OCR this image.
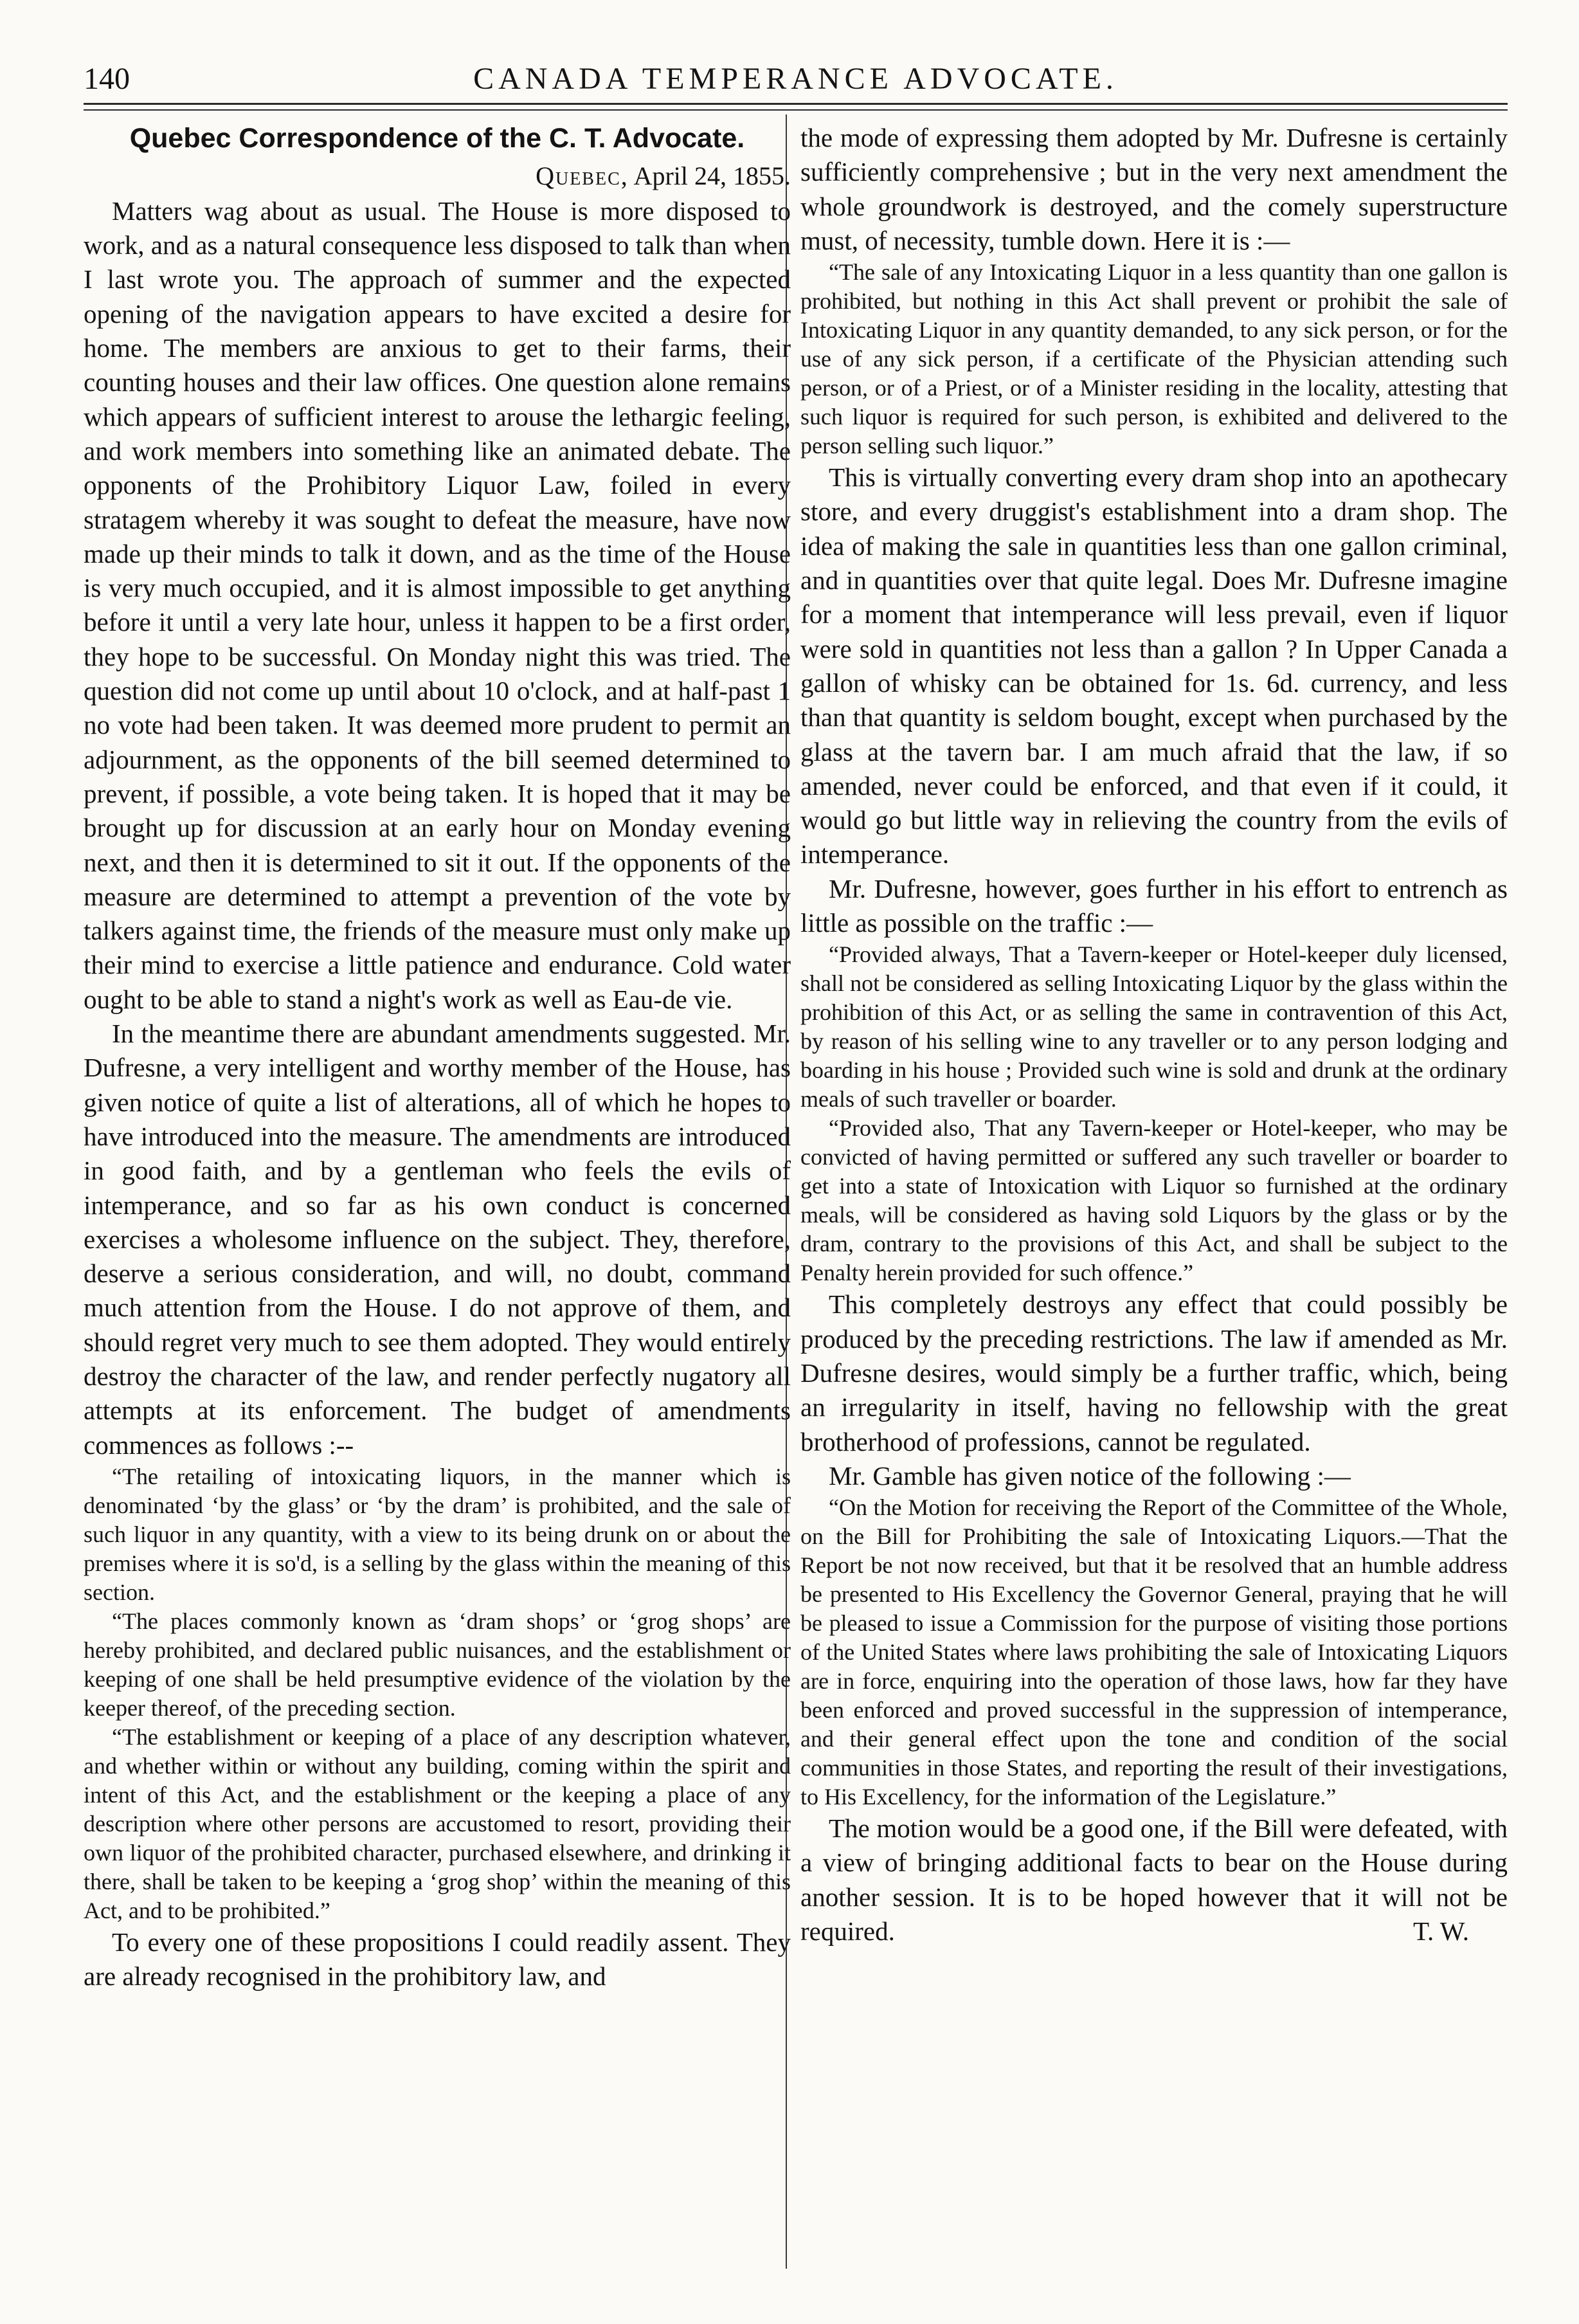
140	CANADA TEMPERANCE ADVOCATE.
Quebec Correspondence of the C. T. Advocate.
Quebec, April 24, 1855.

Matters wag about as usual. The House is more disposed to work, and as a natural consequence less disposed to talk than when I last wrote you. The approach of summer and the expected opening of the navigation appears to have excited a desire for home. The members are anxious to get to their farms, their counting houses and their law offices. One question alone remains which appears of sufficient interest to arouse the lethargic feeling, and work members into something like an animated debate. The opponents of the Prohibitory Liquor Law, foiled in every stratagem whereby it was sought to defeat the measure, have now made up their minds to talk it down, and as the time of the House is very much occupied, and it is almost impossible to get anything before it until a very late hour, unless it happen to be a first order, they hope to be successful. On Monday night this was tried. The question did not come up until about 10 o'clock, and at half-past 1 no vote had been taken. It was deemed more prudent to permit an adjournment, as the opponents of the bill seemed determined to prevent, if possible, a vote being taken. It is hoped that it may be brought up for discussion at an early hour on Monday evening next, and then it is determined to sit it out. If the opponents of the measure are determined to attempt a prevention of the vote by talkers against time, the friends of the measure must only make up their mind to exercise a little patience and endurance. Cold water ought to be able to stand a night's work as well as Eau-de vie.

In the meantime there are abundant amendments suggested. Mr. Dufresne, a very intelligent and worthy member of the House, has given notice of quite a list of alterations, all of which he hopes to have introduced into the measure. The amendments are introduced in good faith, and by a gentleman who feels the evils of intemperance, and so far as his own conduct is concerned exercises a wholesome influence on the subject. They, therefore, deserve a serious consideration, and will, no doubt, command much attention from the House. I do not approve of them, and should regret very much to see them adopted. They would entirely destroy the character of the law, and render perfectly nugatory all attempts at its enforcement. The budget of amendments commences as follows :--

“The retailing of intoxicating liquors, in the manner which is denominated ‘by the glass’ or ‘by the dram’ is prohibited, and the sale of such liquor in any quantity, with a view to its being drunk on or about the premises where it is so'd, is a selling by the glass within the meaning of this section.

“The places commonly known as ‘dram shops’ or ‘grog shops’ are hereby prohibited, and declared public nuisances, and the establishment or keeping of one shall be held presumptive evidence of the violation by the keeper thereof, of the preceding section.

“The establishment or keeping of a place of any description whatever, and whether within or without any building, coming within the spirit and intent of this Act, and the establishment or the keeping a place of any description where other persons are accustomed to resort, providing their own liquor of the prohibited character, purchased elsewhere, and drinking it there, shall be taken to be keeping a ‘grog shop’ within the meaning of this Act, and to be prohibited.”

To every one of these propositions I could readily assent. They are already recognised in the prohibitory law, and

the mode of expressing them adopted by Mr. Dufresne is certainly sufficiently comprehensive ; but in the very next amendment the whole groundwork is destroyed, and the comely superstructure must, of necessity, tumble down. Here it is :—

“The sale of any Intoxicating Liquor in a less quantity than one gallon is prohibited, but nothing in this Act shall prevent or prohibit the sale of Intoxicating Liquor in any quantity demanded, to any sick person, or for the use of any sick person, if a certificate of the Physician attending such person, or of a Priest, or of a Minister residing in the locality, attesting that such liquor is required for such person, is exhibited and delivered to the person selling such liquor.”

This is virtually converting every dram shop into an apothecary store, and every druggist's establishment into a dram shop. The idea of making the sale in quantities less than one gallon criminal, and in quantities over that quite legal. Does Mr. Dufresne imagine for a moment that intemperance will less prevail, even if liquor were sold in quantities not less than a gallon ? In Upper Canada a gallon of whisky can be obtained for 1s. 6d. currency, and less than that quantity is seldom bought, except when purchased by the glass at the tavern bar. I am much afraid that the law, if so amended, never could be enforced, and that even if it could, it would go but little way in relieving the country from the evils of intemperance.

Mr. Dufresne, however, goes further in his effort to entrench as little as possible on the traffic :—

“Provided always, That a Tavern-keeper or Hotel-keeper duly licensed, shall not be considered as selling Intoxicating Liquor by the glass within the prohibition of this Act, or as selling the same in contravention of this Act, by reason of his selling wine to any traveller or to any person lodging and boarding in his house ; Provided such wine is sold and drunk at the ordinary meals of such traveller or boarder.

“Provided also, That any Tavern-keeper or Hotel-keeper, who may be convicted of having permitted or suffered any such traveller or boarder to get into a state of Intoxication with Liquor so furnished at the ordinary meals, will be considered as having sold Liquors by the glass or by the dram, contrary to the provisions of this Act, and shall be subject to the Penalty herein provided for such offence.”

This completely destroys any effect that could possibly be produced by the preceding restrictions. The law if amended as Mr. Dufresne desires, would simply be a further traffic, which, being an irregularity in itself, having no fellowship with the great brotherhood of professions, cannot be regulated.

Mr. Gamble has given notice of the following :—

“On the Motion for receiving the Report of the Committee of the Whole, on the Bill for Prohibiting the sale of Intoxicating Liquors.—That the Report be not now received, but that it be resolved that an humble address be presented to His Excellency the Governor General, praying that he will be pleased to issue a Commission for the purpose of visiting those portions of the United States where laws prohibiting the sale of Intoxicating Liquors are in force, enquiring into the operation of those laws, how far they have been enforced and proved successful in the suppression of intemperance, and their general effect upon the tone and condition of the social communities in those States, and reporting the result of their investigations, to His Excellency, for the information of the Legislature.”

The motion would be a good one, if the Bill were defeated, with a view of bringing additional facts to bear on the House during another session. It is to be hoped however that it will not be required.	T. W.
